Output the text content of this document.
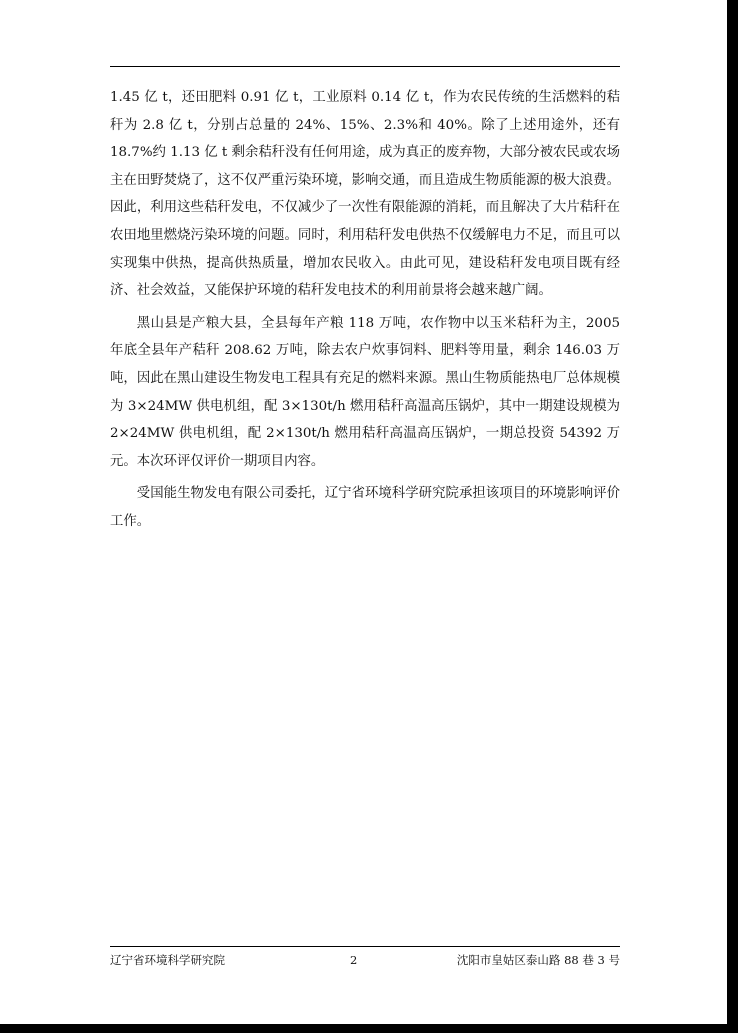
1.45 亿 t，还田肥料 0.91 亿 t，工业原料 0.14 亿 t，作为农民传统的生活燃料的秸秆为 2.8 亿 t，分别占总量的 24%、15%、2.3%和 40%。除了上述用途外，还有 18.7%约 1.13 亿 t 剩余秸秆没有任何用途，成为真正的废弃物，大部分被农民或农场主在田野焚烧了，这不仅严重污染环境，影响交通，而且造成生物质能源的极大浪费。因此，利用这些秸秆发电，不仅减少了一次性有限能源的消耗，而且解决了大片秸秆在农田地里燃烧污染环境的问题。同时，利用秸秆发电供热不仅缓解电力不足，而且可以实现集中供热，提高供热质量，增加农民收入。由此可见，建设秸秆发电项目既有经济、社会效益，又能保护环境的秸秆发电技术的利用前景将会越来越广阔。

黑山县是产粮大县，全县每年产粮 118 万吨，农作物中以玉米秸秆为主，2005 年底全县年产秸秆 208.62 万吨，除去农户炊事饲料、肥料等用量，剩余 146.03 万吨，因此在黑山建设生物发电工程具有充足的燃料来源。黑山生物质能热电厂总体规模为 3×24MW 供电机组，配 3×130t/h 燃用秸秆高温高压锅炉，其中一期建设规模为 2×24MW 供电机组，配 2×130t/h 燃用秸秆高温高压锅炉，一期总投资 54392 万元。本次环评仅评价一期项目内容。

受国能生物发电有限公司委托，辽宁省环境科学研究院承担该项目的环境影响评价工作。

辽宁省环境科学研究院	2	沈阳市皇姑区泰山路 88 巷 3 号
